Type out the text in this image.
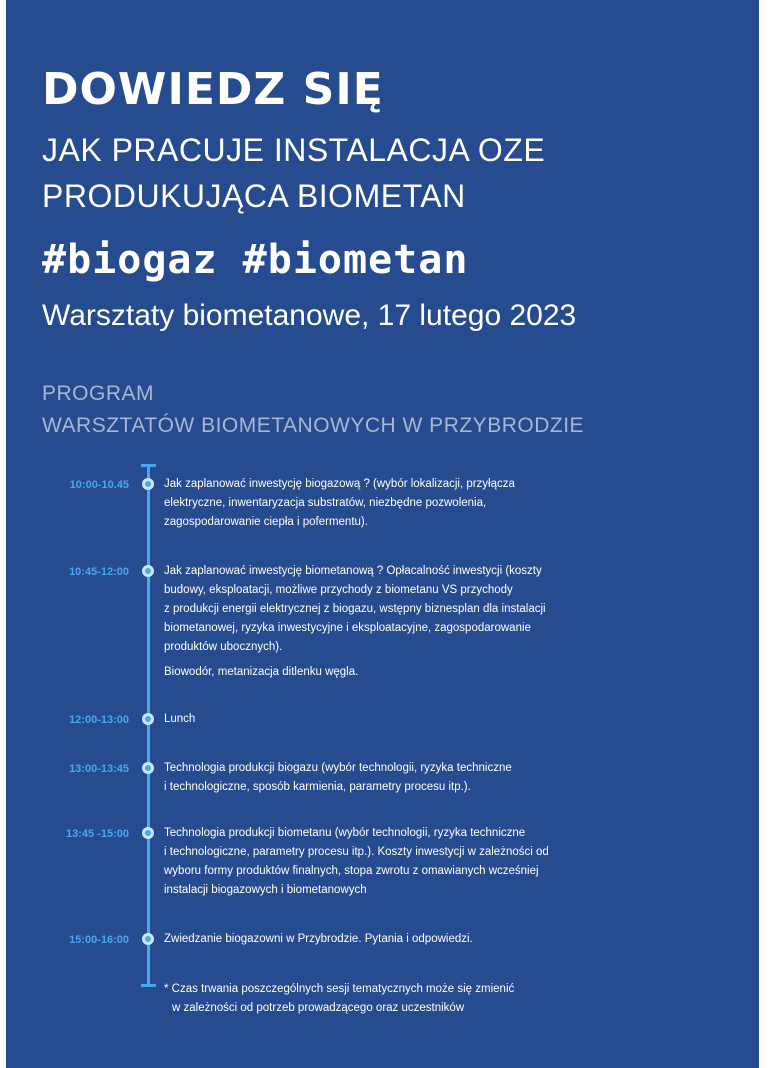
DOWIEDZ SIĘ
JAK PRACUJE INSTALACJA OZE
PRODUKUJĄCA BIOMETAN
#biogaz #biometan
Warsztaty biometanowe, 17 lutego 2023
PROGRAM
WARSZTATÓW BIOMETANOWYCH W PRZYBRODZIE
10:00-10.45	Jak zaplanować inwestycję biogazową ? (wybór lokalizacji, przyłącza
elektryczne, inwentaryzacja substratów, niezbędne pozwolenia,
zagospodarowanie ciepła i pofermentu).
10:45-12:00	Jak zaplanować inwestycję biometanową ? Opłacalność inwestycji (koszty
budowy, eksploatacji, możliwe przychody z biometanu VS przychody
z produkcji energii elektrycznej z biogazu, wstępny biznesplan dla instalacji
biometanowej, ryzyka inwestycyjne i eksploatacyjne, zagospodarowanie
produktów ubocznych).
Biowodór, metanizacja ditlenku węgla.
12:00-13:00	Lunch
13:00-13:45	Technologia produkcji biogazu (wybór technologii, ryzyka techniczne
i technologiczne, sposób karmienia, parametry procesu itp.).
13:45 -15:00	Technologia produkcji biometanu (wybór technologii, ryzyka techniczne
i technologiczne, parametry procesu itp.). Koszty inwestycji w zależności od
wyboru formy produktów finalnych, stopa zwrotu z omawianych wcześniej
instalacji biogazowych i biometanowych
15:00-16:00	Zwiedzanie biogazowni w Przybrodzie. Pytania i odpowiedzi.
* Czas trwania poszczególnych sesji tematycznych może się zmienić
w zależności od potrzeb prowadzącego oraz uczestników
